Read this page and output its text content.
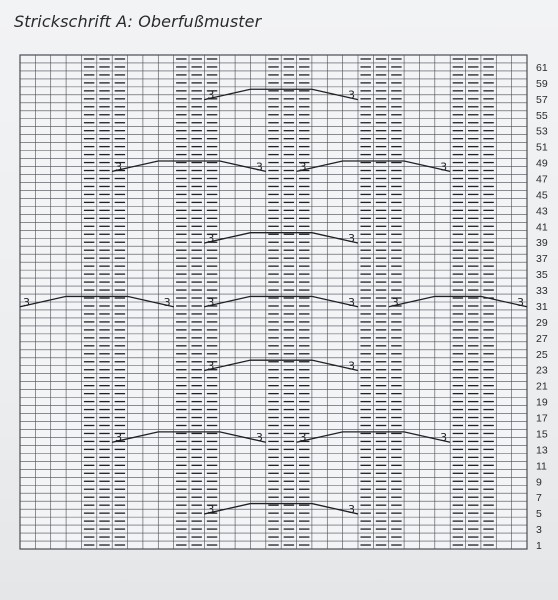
Strickschrift A: Oberfußmuster
3	3
3	3	3	3
3	3
3	3	3	3	3	3
3	3
3	3	3	3
3	3
1
3
5
7
9
11
13
15
17
19
21
23
25
27
29
31
33
35
37
39
41
43
45
47
49
51
53
55
57
59
61
